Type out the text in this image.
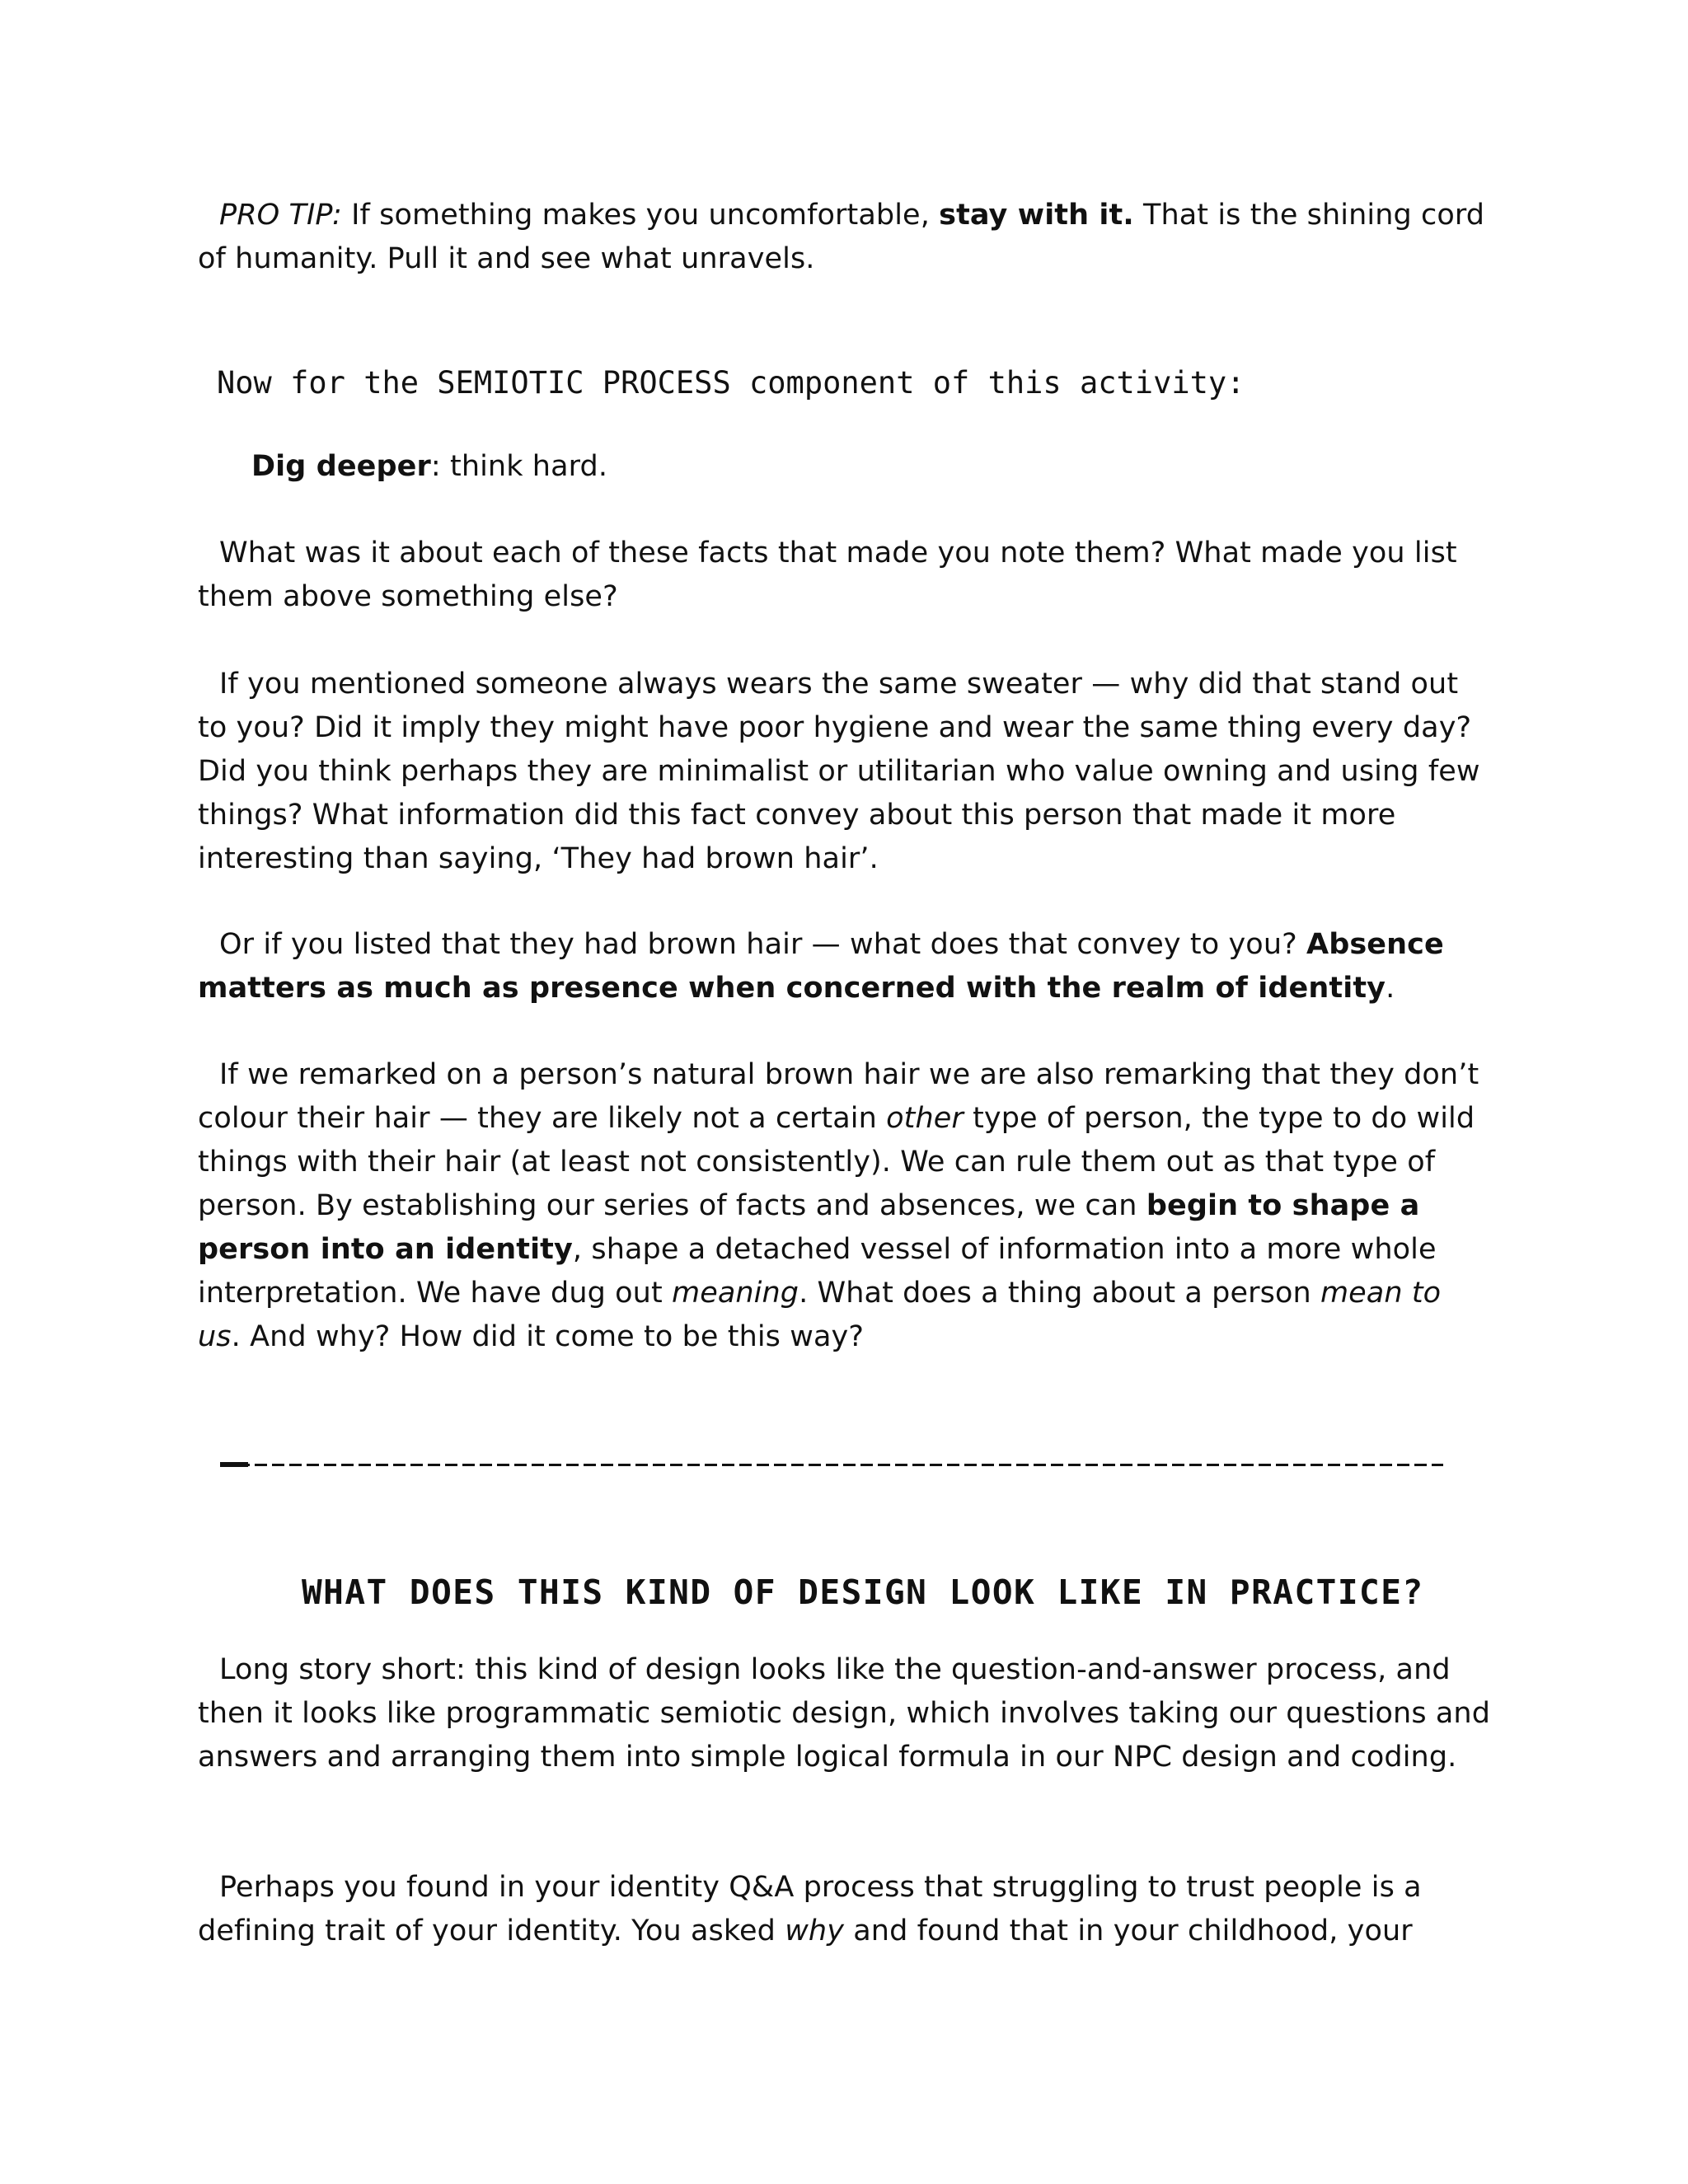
PRO TIP: If something makes you uncomfortable, stay with it. That is the shining cord of humanity. Pull it and see what unravels.

Now for the SEMIOTIC PROCESS component of this activity:

Dig deeper: think hard.

What was it about each of these facts that made you note them? What made you list them above something else?

If you mentioned someone always wears the same sweater — why did that stand out to you? Did it imply they might have poor hygiene and wear the same thing every day? Did you think perhaps they are minimalist or utilitarian who value owning and using few things? What information did this fact convey about this person that made it more interesting than saying, ‘They had brown hair’.

Or if you listed that they had brown hair — what does that convey to you? Absence matters as much as presence when concerned with the realm of identity.

If we remarked on a person’s natural brown hair we are also remarking that they don’t colour their hair — they are likely not a certain other type of person, the type to do wild things with their hair (at least not consistently). We can rule them out as that type of person. By establishing our series of facts and absences, we can begin to shape a person into an identity, shape a detached vessel of information into a more whole interpretation. We have dug out meaning. What does a thing about a person mean to us. And why? How did it come to be this way?

WHAT DOES THIS KIND OF DESIGN LOOK LIKE IN PRACTICE?

Long story short: this kind of design looks like the question-and-answer process, and then it looks like programmatic semiotic design, which involves taking our questions and answers and arranging them into simple logical formula in our NPC design and coding.

Perhaps you found in your identity Q&A process that struggling to trust people is a defining trait of your identity. You asked why and found that in your childhood, your
